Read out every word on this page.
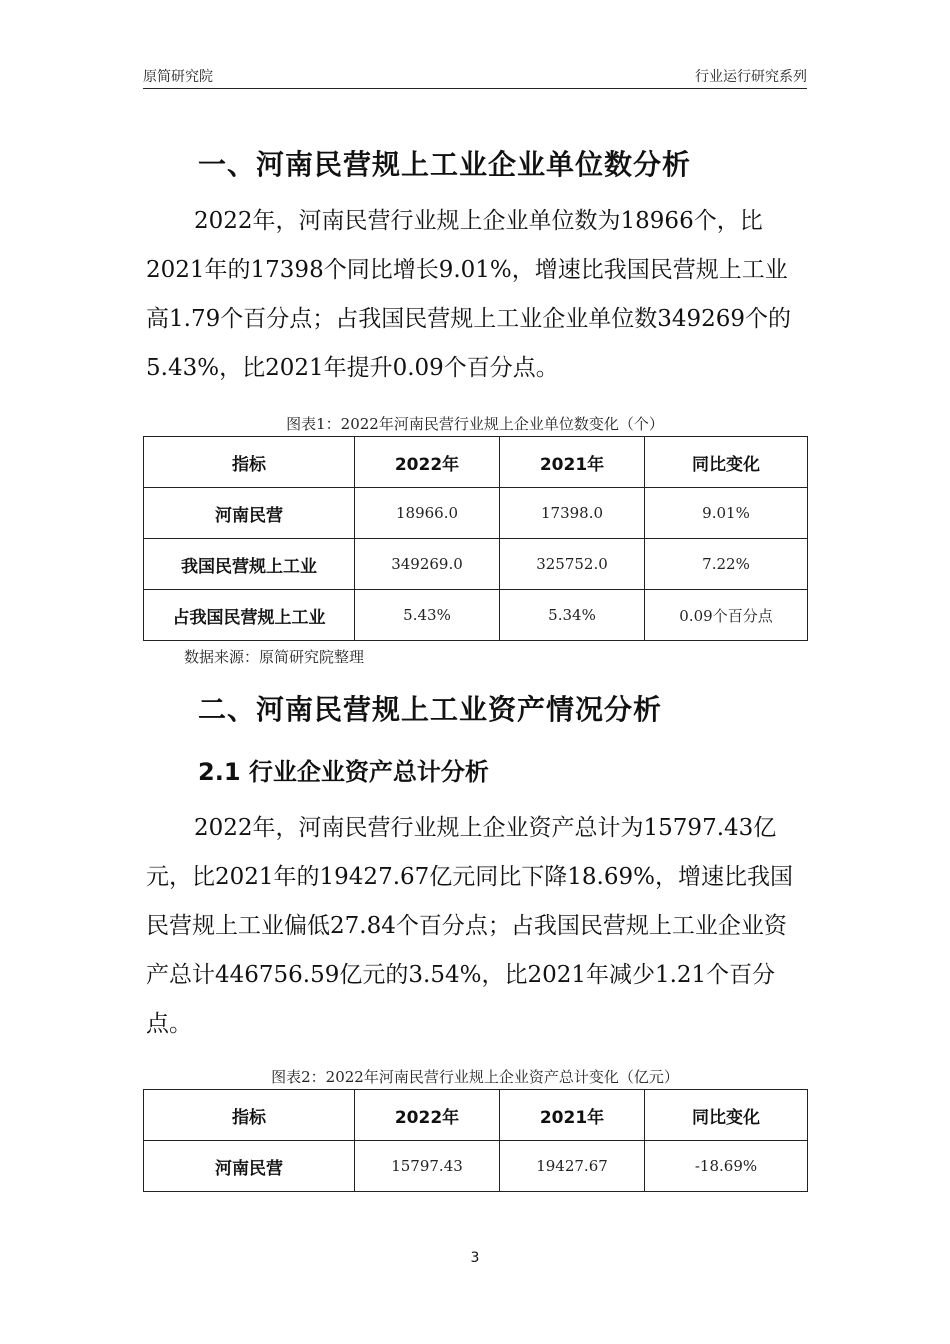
原简研究院	行业运行研究系列
一、河南民营规上工业企业单位数分析

2022年，河南民营行业规上企业单位数为18966个，比2021年的17398个同比增长9.01%，增速比我国民营规上工业高1.79个百分点；占我国民营规上工业企业单位数349269个的5.43%，比2021年提升0.09个百分点。

图表1：2022年河南民营行业规上企业单位数变化（个）
指标	2022年	2021年	同比变化
河南民营	18966.0	17398.0	9.01%
我国民营规上工业	349269.0	325752.0	7.22%
占我国民营规上工业	5.43%	5.34%	0.09个百分点
数据来源：原简研究院整理
二、河南民营规上工业资产情况分析
2.1 行业企业资产总计分析

2022年，河南民营行业规上企业资产总计为15797.43亿元，比2021年的19427.67亿元同比下降18.69%，增速比我国民营规上工业偏低27.84个百分点；占我国民营规上工业企业资产总计446756.59亿元的3.54%，比2021年减少1.21个百分点。

图表2：2022年河南民营行业规上企业资产总计变化（亿元）
指标	2022年	2021年	同比变化
河南民营	15797.43	19427.67	-18.69%
3
